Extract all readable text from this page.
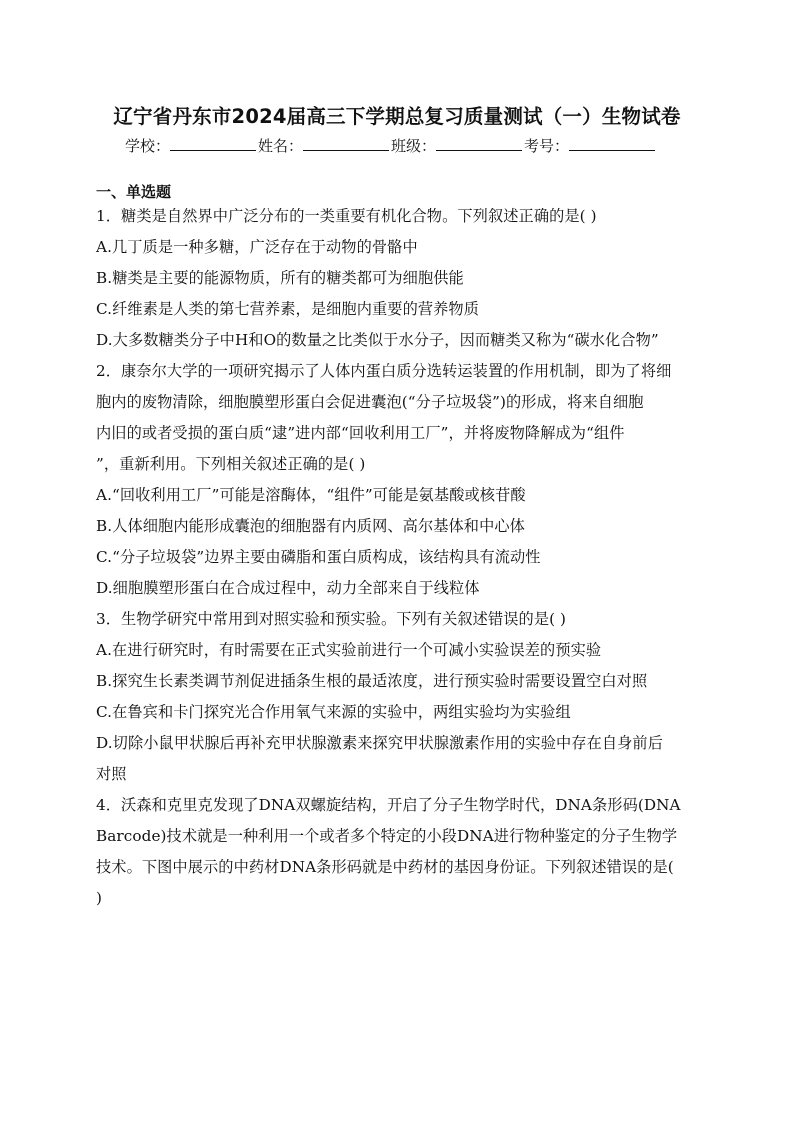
辽宁省丹东市2024届高三下学期总复习质量测试（一）生物试卷
学校：	姓名：	班级：	考号：
一、单选题
1．糖类是自然界中广泛分布的一类重要有机化合物。下列叙述正确的是( )
A.几丁质是一种多糖，广泛存在于动物的骨骼中
B.糖类是主要的能源物质，所有的糖类都可为细胞供能
C.纤维素是人类的第七营养素，是细胞内重要的营养物质
D.大多数糖类分子中H和O的数量之比类似于水分子，因而糖类又称为“碳水化合物”
2．康奈尔大学的一项研究揭示了人体内蛋白质分选转运装置的作用机制，即为了将细
胞内的废物清除，细胞膜塑形蛋白会促进囊泡(“分子垃圾袋”)的形成，将来自细胞
内旧的或者受损的蛋白质“逮”进内部“回收利用工厂”，并将废物降解成为“组件
”，重新利用。下列相关叙述正确的是( )
A.“回收利用工厂”可能是溶酶体，“组件”可能是氨基酸或核苷酸
B.人体细胞内能形成囊泡的细胞器有内质网、高尔基体和中心体
C.“分子垃圾袋”边界主要由磷脂和蛋白质构成，该结构具有流动性
D.细胞膜塑形蛋白在合成过程中，动力全部来自于线粒体
3．生物学研究中常用到对照实验和预实验。下列有关叙述错误的是( )
A.在进行研究时，有时需要在正式实验前进行一个可减小实验误差的预实验
B.探究生长素类调节剂促进插条生根的最适浓度，进行预实验时需要设置空白对照
C.在鲁宾和卡门探究光合作用氧气来源的实验中，两组实验均为实验组
D.切除小鼠甲状腺后再补充甲状腺激素来探究甲状腺激素作用的实验中存在自身前后
对照
4．沃森和克里克发现了DNA双螺旋结构，开启了分子生物学时代，DNA条形码(DNA
Barcode)技术就是一种利用一个或者多个特定的小段DNA进行物种鉴定的分子生物学
技术。下图中展示的中药材DNA条形码就是中药材的基因身份证。下列叙述错误的是(
)
